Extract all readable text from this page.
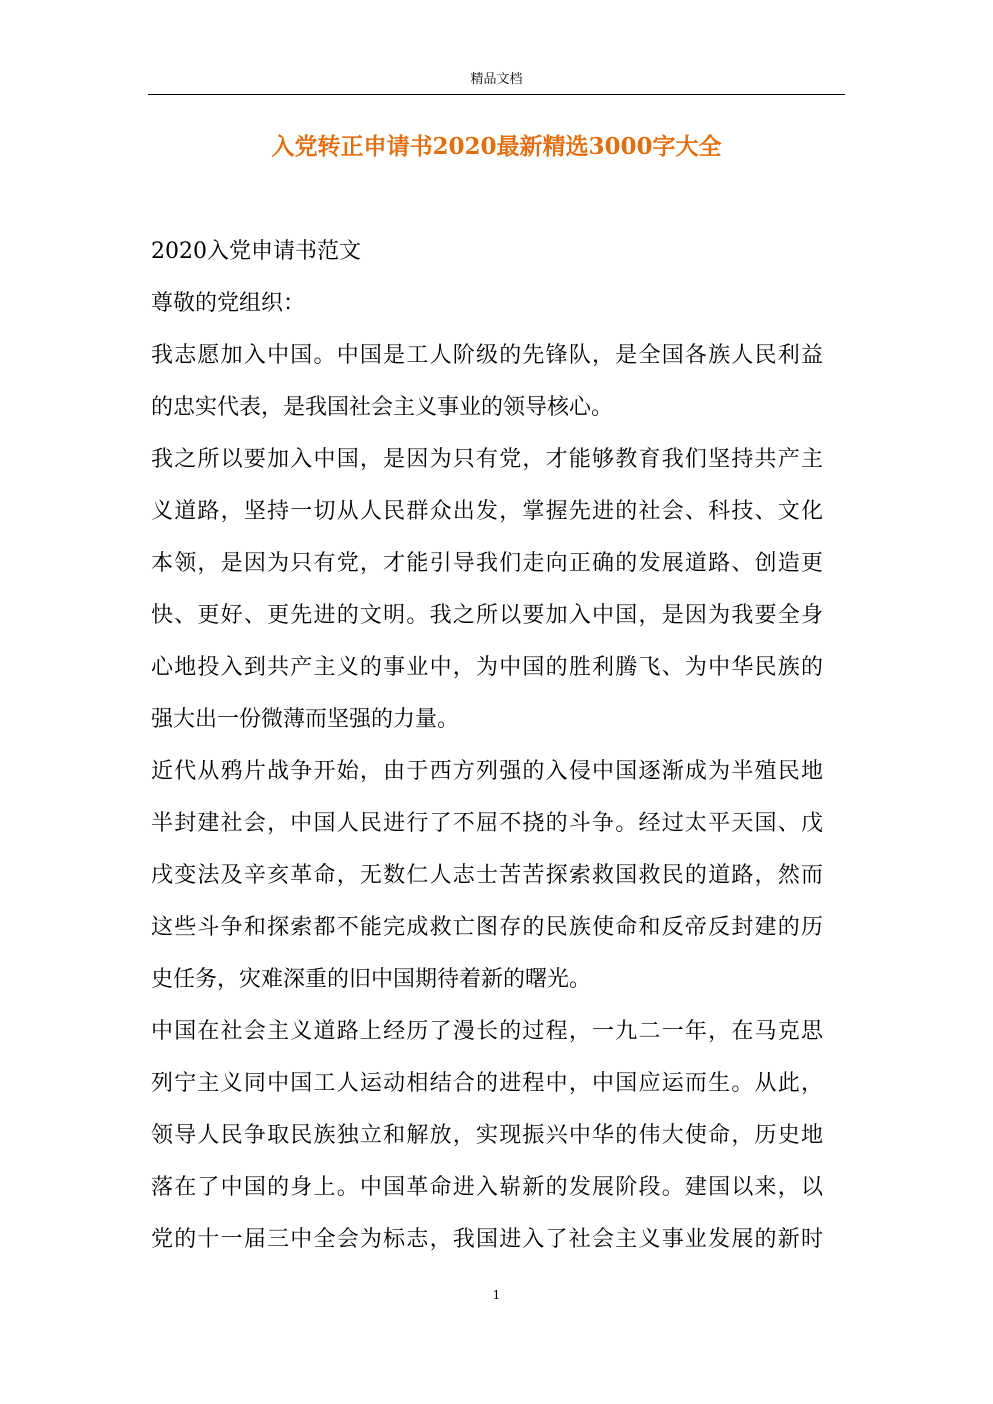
精品文档
入党转正申请书2020最新精选3000字大全
2020入党申请书范文
尊敬的党组织：
我志愿加入中国。中国是工人阶级的先锋队，是全国各族人民利益
的忠实代表，是我国社会主义事业的领导核心。
我之所以要加入中国，是因为只有党，才能够教育我们坚持共产主
义道路，坚持一切从人民群众出发，掌握先进的社会、科技、文化
本领，是因为只有党，才能引导我们走向正确的发展道路、创造更
快、更好、更先进的文明。我之所以要加入中国，是因为我要全身
心地投入到共产主义的事业中，为中国的胜利腾飞、为中华民族的
强大出一份微薄而坚强的力量。
近代从鸦片战争开始，由于西方列强的入侵中国逐渐成为半殖民地
半封建社会，中国人民进行了不屈不挠的斗争。经过太平天国、戊
戌变法及辛亥革命，无数仁人志士苦苦探索救国救民的道路，然而
这些斗争和探索都不能完成救亡图存的民族使命和反帝反封建的历
史任务，灾难深重的旧中国期待着新的曙光。
中国在社会主义道路上经历了漫长的过程，一九二一年，在马克思
列宁主义同中国工人运动相结合的进程中，中国应运而生。从此，
领导人民争取民族独立和解放，实现振兴中华的伟大使命，历史地
落在了中国的身上。中国革命进入崭新的发展阶段。建国以来，以
党的十一届三中全会为标志，我国进入了社会主义事业发展的新时
1
